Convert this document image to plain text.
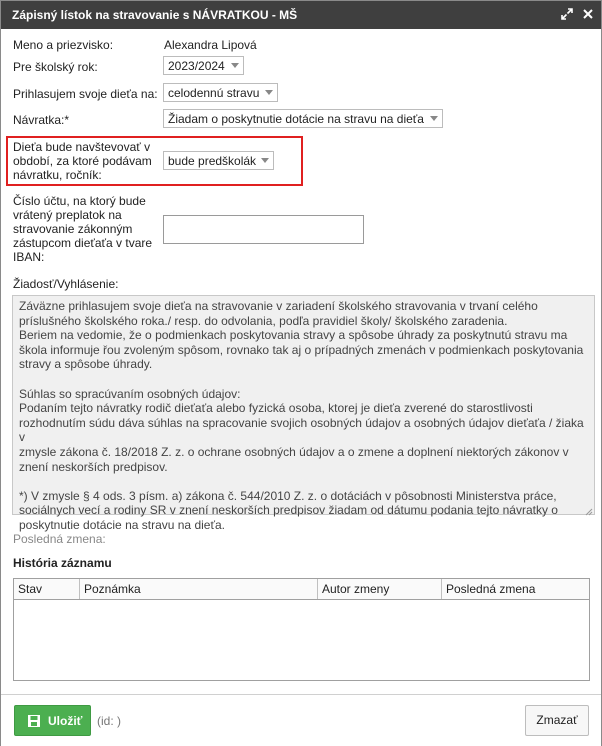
Zápisný lístok na stravovanie s NÁVRATKOU - MŠ
Meno a priezvisko:	Alexandra Lipová
Pre školský rok:	2023/2024
Prihlasujem svoje dieťa na: celodennú stravu
Návratka:*	Žiadam o poskytnutie dotácie na stravu na dieťa
Dieťa bude navštevovať v
období, za ktoré podávam
návratku, ročník:
bude predškolák
Číslo účtu, na ktorý bude
vrátený preplatok na
stravovanie zákonným
zástupcom dieťaťa v tvare
IBAN:
Žiadosť/Vyhlásenie:

Záväzne prihlasujem svoje dieťa na stravovanie v zariadení školského stravovania v trvaní celého

príslušného školského roka./ resp. do odvolania, podľa pravidiel školy/ školského zaradenia.

Beriem na vedomie, že o podmienkach poskytovania stravy a spôsobe úhrady za poskytnutú stravu ma

škola informuje řou zvoleným spôsom, rovnako tak aj o prípadných zmenách v podmienkach poskytovania

stravy a spôsobe úhrady.

Súhlas so spracúvaním osobných údajov:

Podaním tejto návratky rodič dieťaťa alebo fyzická osoba, ktorej je dieťa zverené do starostlivosti

rozhodnutím súdu dáva súhlas na spracovanie svojich osobných údajov a osobných údajov dieťaťa / žiaka v

zmysle zákona č. 18/2018 Z. z. o ochrane osobných údajov a o zmene a doplnení niektorých zákonov v

znení neskorších predpisov.

*) V zmysle § 4 ods. 3 písm. a) zákona č. 544/2010 Z. z. o dotáciách v pôsobnosti Ministerstva práce,

sociálnych vecí a rodiny SR v znení neskorších predpisov žiadam od dátumu podania tejto návratky o

poskytnutie dotácie na stravu na dieťa.

Posledná zmena:
História záznamu
Stav	Poznámka	Autor zmeny	Posledná zmena
Uložiť (id: )	Zmazať
